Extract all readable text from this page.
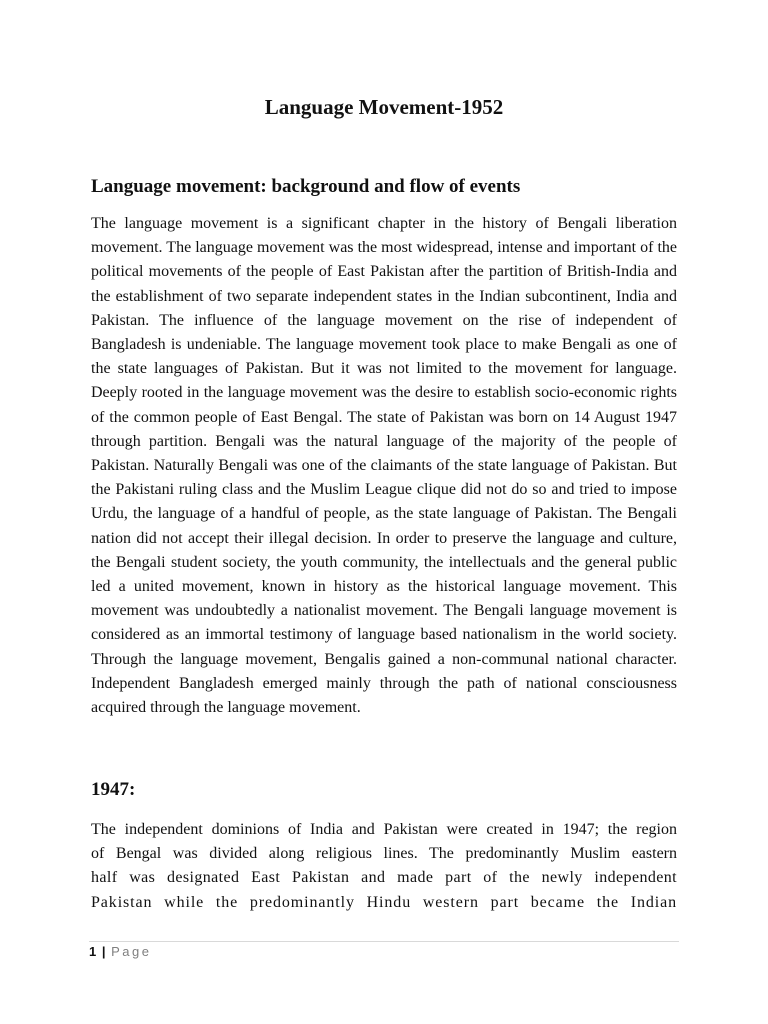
Language Movement-1952
Language movement: background and flow of events

The language movement is a significant chapter in the history of Bengali liberation movement. The language movement was the most widespread, intense and important of the political movements of the people of East Pakistan after the partition of British-India and the establishment of two separate independent states in the Indian subcontinent, India and Pakistan. The influence of the language movement on the rise of independent of Bangladesh is undeniable. The language movement took place to make Bengali as one of the state languages of Pakistan. But it was not limited to the movement for language. Deeply rooted in the language movement was the desire to establish socio-economic rights of the common people of East Bengal. The state of Pakistan was born on 14 August 1947 through partition. Bengali was the natural language of the majority of the people of Pakistan. Naturally Bengali was one of the claimants of the state language of Pakistan. But the Pakistani ruling class and the Muslim League clique did not do so and tried to impose Urdu, the language of a handful of people, as the state language of Pakistan. The Bengali nation did not accept their illegal decision. In order to preserve the language and culture, the Bengali student society, the youth community, the intellectuals and the general public led a united movement, known in history as the historical language movement. This movement was undoubtedly a nationalist movement. The Bengali language movement is considered as an immortal testimony of language based nationalism in the world society. Through the language movement, Bengalis gained a non-communal national character. Independent Bangladesh emerged mainly through the path of national consciousness acquired through the language movement.

1947:

The independent dominions of India and Pakistan were created in 1947; the region
of Bengal was divided along religious lines. The predominantly Muslim eastern
half was designated East Pakistan and made part of the newly independent
Pakistan while the predominantly Hindu western part became the Indian

1 | Page
